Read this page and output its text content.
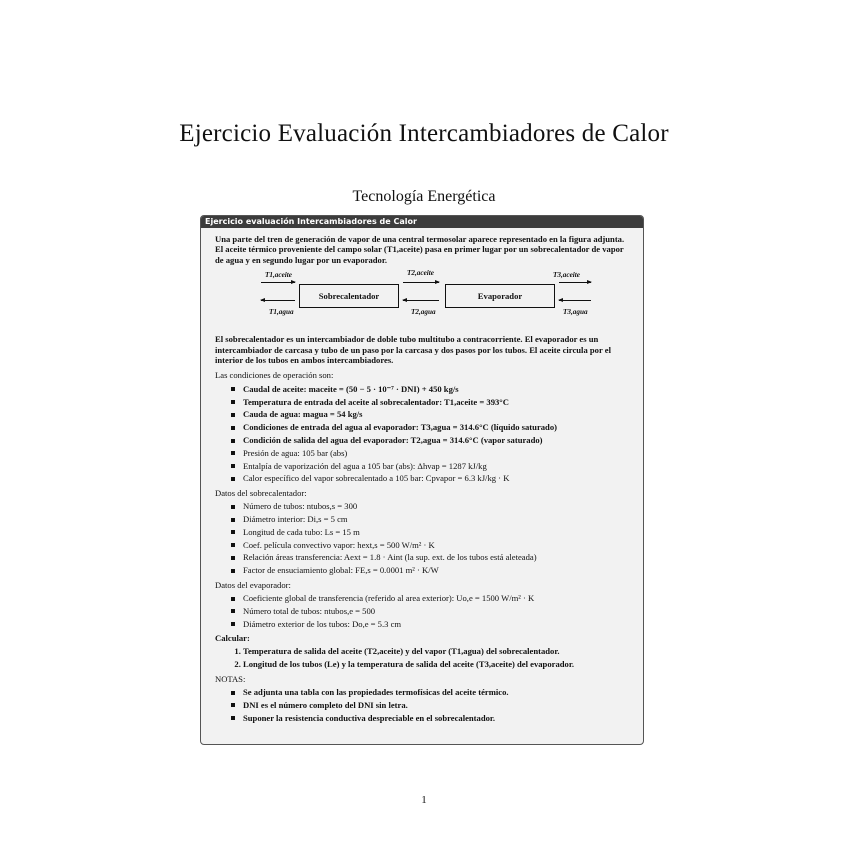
Ejercicio Evaluación Intercambiadores de Calor
Tecnología Energética
Ejercicio evaluación Intercambiadores de Calor

Una parte del tren de generación de vapor de una central termosolar aparece representado en la figura adjunta. El aceite térmico proveniente del campo solar (T1,aceite) pasa en primer lugar por un sobrecalentador de vapor de agua y en segundo lugar por un evaporador.

T1,aceite
T1,agua
Sobrecalentador
T2,aceite
T2,agua
Evaporador
T3,aceite
T3,agua

El sobrecalentador es un intercambiador de doble tubo multitubo a contracorriente. El evaporador es un intercambiador de carcasa y tubo de un paso por la carcasa y dos pasos por los tubos. El aceite circula por el interior de los tubos en ambos intercambiadores.

Las condiciones de operación son:
Caudal de aceite: maceite = (50 − 5 · 10⁻⁷ · DNI) + 450 kg/s
Temperatura de entrada del aceite al sobrecalentador: T1,aceite = 393°C
Cauda de agua: magua = 54 kg/s
Condiciones de entrada del agua al evaporador: T3,agua = 314.6°C (líquido saturado)
Condición de salida del agua del evaporador: T2,agua = 314.6°C (vapor saturado)
Presión de agua: 105 bar (abs)
Entalpía de vaporización del agua a 105 bar (abs): Δhvap = 1287 kJ/kg
Calor específico del vapor sobrecalentado a 105 bar: Cpvapor = 6.3 kJ/kg · K
Datos del sobrecalentador:
Número de tubos: ntubos,s = 300
Diámetro interior: Di,s = 5 cm
Longitud de cada tubo: Ls = 15 m
Coef. película convectivo vapor: hext,s = 500 W/m² · K
Relación áreas transferencia: Aext = 1.8 · Aint (la sup. ext. de los tubos está aleteada)
Factor de ensuciamiento global: FE,s = 0.0001 m² · K/W
Datos del evaporador:
Coeficiente global de transferencia (referido al area exterior): Uo,e = 1500 W/m² · K
Número total de tubos: ntubos,e = 500
Diámetro exterior de los tubos: Do,e = 5.3 cm
Calcular:
1. Temperatura de salida del aceite (T2,aceite) y del vapor (T1,agua) del sobrecalentador.
2. Longitud de los tubos (Le) y la temperatura de salida del aceite (T3,aceite) del evaporador.
NOTAS:
Se adjunta una tabla con las propiedades termofísicas del aceite térmico.
DNI es el número completo del DNI sin letra.
Suponer la resistencia conductiva despreciable en el sobrecalentador.
1
